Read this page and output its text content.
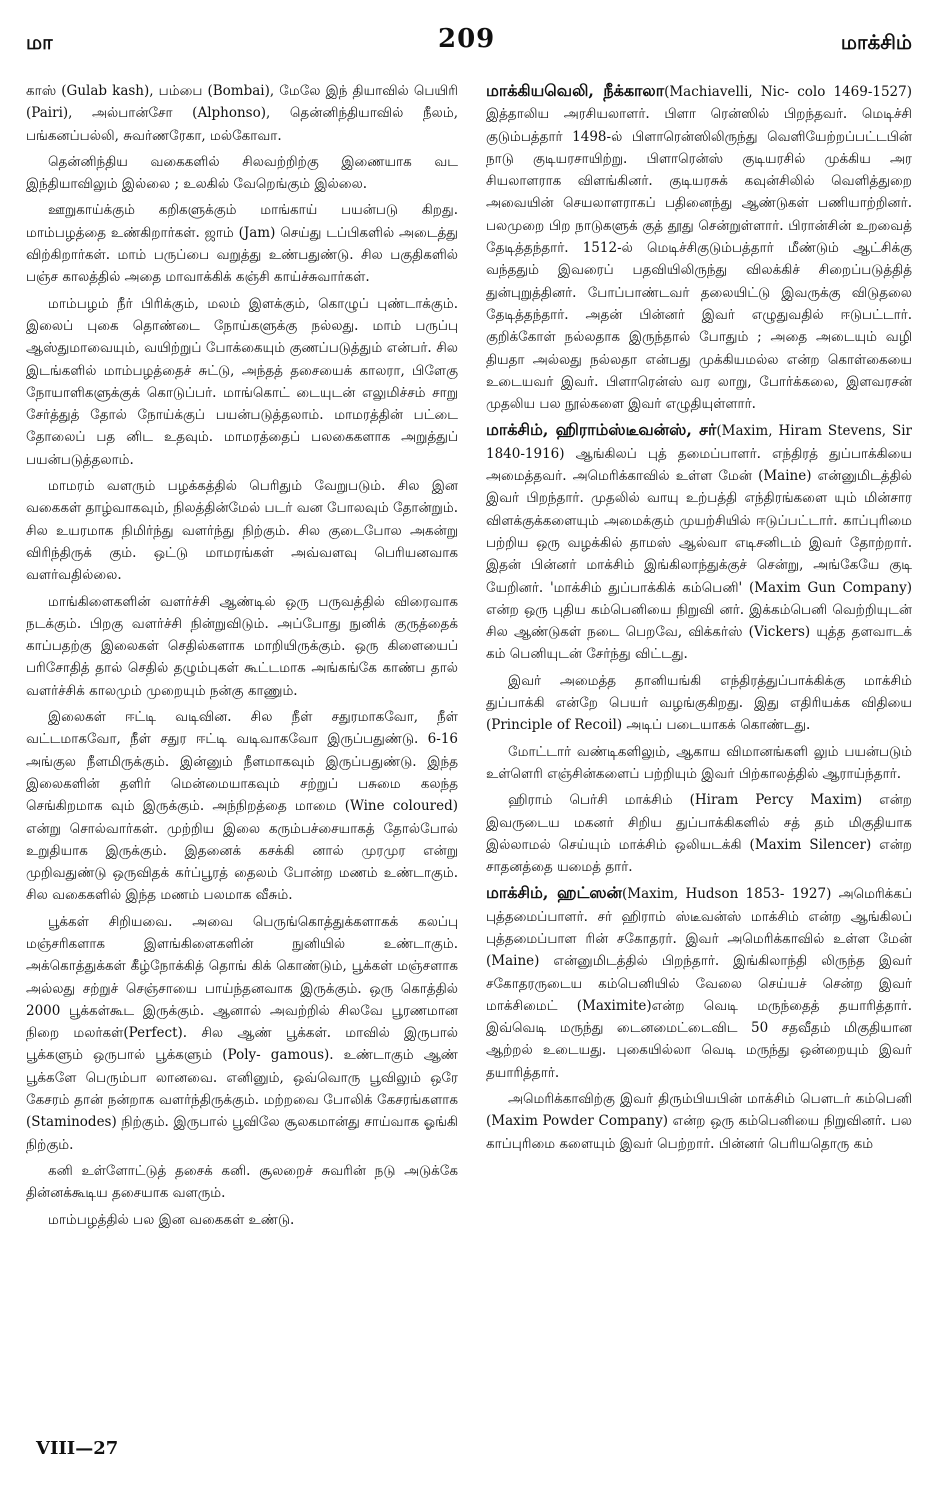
மா	209	மாக்சிம்

காஸ் (Gulab kash), பம்பை (Bombai), மேலே இந் தியாவில் பெயிரி (Pairi), அல்பான்சோ (Alphonso), தென்னிந்தியாவில் நீலம், பங்கனப்பல்லி, சுவர்ணரேகா, மல்கோவா.

தென்னிந்திய வகைகளில் சிலவற்றிற்கு இணையாக வட இந்தியாவிலும் இல்லை ; உலகில் வேறெங்கும் இல்லை.

ஊறுகாய்க்கும் கறிகளுக்கும் மாங்காய் பயன்படு கிறது. மாம்பழத்தை உண்கிறார்கள். ஜாம் (Jam) செய்து டப்பிகளில் அடைத்து விற்கிறார்கள். மாம் பருப்பை வறுத்து உண்பதுண்டு. சில பகுதிகளில் பஞ்ச காலத்தில் அதை மாவாக்கிக் கஞ்சி காய்ச்சுவார்கள்.

மாம்பழம் நீர் பிரிக்கும், மலம் இளக்கும், கொழுப் புண்டாக்கும். இலைப் புகை தொண்டை நோய்களுக்கு நல்லது. மாம் பருப்பு ஆஸ்துமாவையும், வயிற்றுப் போக்கையும் குணப்படுத்தும் என்பர். சில இடங்களில் மாம்பழத்தைச் சுட்டு, அந்தத் தசையைக் காலரா, பிளேகு நோயாளிகளுக்குக் கொடுப்பர். மாங்கொட் டையுடன் எலுமிச்சம் சாறு சேர்த்துத் தோல் நோய்க்குப் பயன்படுத்தலாம். மாமரத்தின் பட்டை தோலைப் பத னிட உதவும். மாமரத்தைப் பலகைகளாக அறுத்துப் பயன்படுத்தலாம்.

மாமரம் வளரும் பழக்கத்தில் பெரிதும் வேறுபடும். சில இன வகைகள் தாழ்வாகவும், நிலத்தின்மேல் படர் வன போலவும் தோன்றும். சில உயரமாக நிமிர்ந்து வளர்ந்து நிற்கும். சில குடைபோல அகன்று விரிந்திருக் கும். ஒட்டு மாமரங்கள் அவ்வளவு பெரியனவாக வளர்வதில்லை.

மாங்கிளைகளின் வளர்ச்சி ஆண்டில் ஒரு பருவத்தில் விரைவாக நடக்கும். பிறகு வளர்ச்சி நின்றுவிடும். அப்போது நுனிக் குருத்தைக் காப்பதற்கு இலைகள் செதில்களாக மாறியிருக்கும். ஒரு கிளையைப் பரிசோதித் தால் செதில் தழும்புகள் கூட்டமாக அங்கங்கே காண்ப தால் வளர்ச்சிக் காலமும் முறையும் நன்கு காணும்.

இலைகள் ஈட்டி வடிவின. சில நீள் சதுரமாகவோ, நீள் வட்டமாகவோ, நீள் சதுர ஈட்டி வடிவாகவோ இருப்பதுண்டு. 6-16 அங்குல நீளமிருக்கும். இன்னும் நீளமாகவும் இருப்பதுண்டு. இந்த இலைகளின் தளிர் மென்மையாகவும் சற்றுப் பசுமை கலந்த செங்கிறமாக வும் இருக்கும். அந்நிறத்தை மாமை (Wine coloured) என்று சொல்வார்கள். முற்றிய இலை கரும்பச்சையாகத் தோல்போல் உறுதியாக இருக்கும். இதனைக் கசக்கி னால் முரமுர என்று முறிவதுண்டு ஒருவிதக் கர்ப்பூரத் தைலம் போன்ற மணம் உண்டாகும். சில வகைகளில் இந்த மணம் பலமாக வீசும்.

பூக்கள் சிறியவை. அவை பெருங்கொத்துக்களாகக் கலப்பு மஞ்சரிகளாக இளங்கிளைகளின் நுனியில் உண்டாகும். அக்கொத்துக்கள் கீழ்நோக்கித் தொங் கிக் கொண்டும், பூக்கள் மஞ்சளாக அல்லது சற்றுச் செஞ்சாயை பாய்ந்தனவாக இருக்கும். ஒரு கொத்தில் 2000 பூக்கள்கூட இருக்கும். ஆனால் அவற்றில் சிலவே பூரணமான நிறை மலர்கள்(Perfect). சில ஆண் பூக்கள். மாவில் இருபால் பூக்களும் ஒருபால் பூக்களும் (Poly- gamous). உண்டாகும் ஆண் பூக்களே பெரும்பா லானவை. எனினும், ஒவ்வொரு பூவிலும் ஒரே கேசரம் தான் நன்றாக வளர்ந்திருக்கும். மற்றவை போலிக் கேசரங்களாக (Staminodes) நிற்கும். இருபால் பூவிலே சூலகமான்து சாய்வாக ஓங்கி நிற்கும்.

கனி உள்ளோட்டுத் தசைக் கனி. சூலறைச் சுவரின் நடு அடுக்கே தின்னக்கூடிய தசையாக வளரும்.

மாம்பழத்தில் பல இன வகைகள் உண்டு.

மாக்கியவெலி, நீக்காலா(Machiavelli, Nic- colo 1469-1527) இத்தாலிய அரசியலாளர். பிளா ரென்ஸில் பிறந்தவர். மெடிச்சி குடும்பத்தார் 1498-ல் பிளாரென்ஸிலிருந்து வெளியேற்றப்பட்டபின் நாடு குடியரசாயிற்று. பிளாரென்ஸ் குடியரசில் முக்கிய அர சியலாளராக விளங்கினர். குடியரசுக் கவுன்சிலில் வெளித்துறை அவையின் செயலாளராகப் பதினைந்து ஆண்டுகள் பணியாற்றினர். பலமுறை பிற நாடுகளுக் குத் தூது சென்றுள்ளார். பிரான்சின் உறவைத் தேடித்தந்தார். 1512-ல் மெடிச்சிகுடும்பத்தார் மீண்டும் ஆட்சிக்கு வந்ததும் இவரைப் பதவியிலிருந்து விலக்கிச் சிறைப்படுத்தித் துன்புறுத்தினர். போப்பாண்டவர் தலையிட்டு இவருக்கு விடுதலை தேடித்தந்தார். அதன் பின்னர் இவர் எழுதுவதில் ஈடுபட்டார். குறிக்கோள் நல்லதாக இருந்தால் போதும் ; அதை அடையும் வழி தியதா அல்லது நல்லதா என்பது முக்கியமல்ல என்ற கொள்கையை உடையவர் இவர். பிளாரென்ஸ் வர லாறு, போர்க்கலை, இளவரசன் முதலிய பல நூல்களை இவர் எழுதியுள்ளார்.

மாக்சிம், ஹிராம்ஸ்டீவன்ஸ், சர்(Maxim, Hiram Stevens, Sir 1840-1916) ஆங்கிலப் புத் தமைப்பாளர். எந்திரத் துப்பாக்கியை அமைத்தவர். அமெரிக்காவில் உள்ள மேன் (Maine) என்னுமிடத்தில் இவர் பிறந்தார். முதலில் வாயு உற்பத்தி எந்திரங்களை யும் மின்சார விளக்குக்களையும் அமைக்கும் முயற்சியில் ஈடுப்பட்டார். காப்புரிமை பற்றிய ஒரு வழக்கில் தாமஸ் ஆல்வா எடிசனிடம் இவர் தோற்றார். இதன் பின்னர் மாக்சிம் இங்கிலாந்துக்குச் சென்று, அங்கேயே குடி யேறினர். 'மாக்சிம் துப்பாக்கிக் கம்பெனி' (Maxim Gun Company) என்ற ஒரு புதிய கம்பெனியை நிறுவி னர். இக்கம்பெனி வெற்றியுடன் சில ஆண்டுகள் நடை பெறவே, விக்கர்ஸ் (Vickers) யுத்த தளவாடக் கம் பெனியுடன் சேர்ந்து விட்டது.

இவர் அமைத்த தானியங்கி எந்திரத்துப்பாக்கிக்கு மாக்சிம் துப்பாக்கி என்றே பெயர் வழங்குகிறது. இது எதிரியக்க விதியை (Principle of Recoil) அடிப் படையாகக் கொண்டது.

மோட்டார் வண்டிகளிலும், ஆகாய விமானங்களி லும் பயன்படும் உள்ளெரி எஞ்சின்களைப் பற்றியும் இவர் பிற்காலத்தில் ஆராய்ந்தார்.

ஹிராம் பெர்சி மாக்சிம் (Hiram Percy Maxim) என்ற இவருடைய மகனர் சிறிய துப்பாக்கிகளில் சத் தம் மிகுதியாக இல்லாமல் செய்யும் மாக்சிம் ஒலியடக்கி (Maxim Silencer) என்ற சாதனத்தை யமைத் தார்.

மாக்சிம், ஹட்ஸன்(Maxim, Hudson 1853- 1927) அமெரிக்கப் புத்தமைப்பாளர். சர் ஹிராம் ஸ்டீவன்ஸ் மாக்சிம் என்ற ஆங்கிலப் புத்தமைப்பாள ரின் சகோதரர். இவர் அமெரிக்காவில் உள்ள மேன் (Maine) என்னுமிடத்தில் பிறந்தார். இங்கிலாந்தி லிருந்த இவர் சகோதரருடைய கம்பெனியில் வேலை செய்யச் சென்ற இவர் மாக்சிமைட் (Maximite)என்ற வெடி மருந்தைத் தயாரித்தார். இவ்வெடி மருந்து டைனமைட்டைவிட 50 சதவீதம் மிகுதியான ஆற்றல் உடையது. புகையில்லா வெடி மருந்து ஒன்றையும் இவர் தயாரித்தார்.

அமெரிக்காவிற்கு இவர் திரும்பியபின் மாக்சிம் பௌடர் கம்பெனி (Maxim Powder Company) என்ற ஒரு கம்பெனியை நிறுவினர். பல காப்புரிமை களையும் இவர் பெற்றார். பின்னர் பெரியதொரு கம்

VIII—27
